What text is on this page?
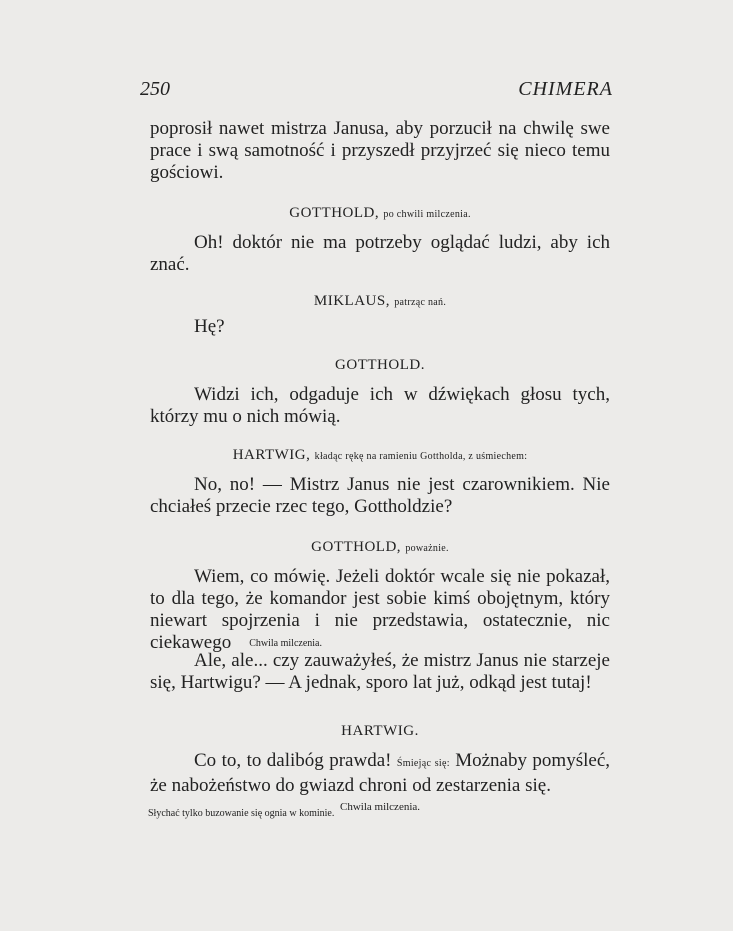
250	CHIMERA

poprosił nawet mistrza Janusa, aby porzucił na chwilę swe prace i swą samotność i przyszedł przyjrzeć się nieco temu gościowi.

GOTTHOLD, po chwili milczenia.

Oh! doktór nie ma potrzeby oglądać ludzi, aby ich znać.

MIKLAUS, patrząc nań.

Hę?

GOTTHOLD.

Widzi ich, odgaduje ich w dźwiękach głosu tych, którzy mu o nich mówią.

HARTWIG, kładąc rękę na ramieniu Gottholda, z uśmiechem:

No, no! — Mistrz Janus nie jest czarownikiem. Nie chciałeś przecie rzec tego, Gottholdzie?

GOTTHOLD, poważnie.

Wiem, co mówię. Jeżeli doktór wcale się nie pokazał, to dla tego, że komandor jest sobie kimś obojętnym, który niewart spojrzenia i nie przedstawia, ostatecznie, nic ciekawego Chwila milczenia.

Ale, ale... czy zauważyłeś, że mistrz Janus nie starzeje się, Hartwigu? — A jednak, sporo lat już, odkąd jest tutaj!

HARTWIG.

Co to, to dalibóg prawda! Śmiejąc się: Możnaby pomyśleć, że nabożeństwo do gwiazd chroni od zestarzenia się.

Chwila milczenia.

Słychać tylko buzowanie się ognia w kominie.
